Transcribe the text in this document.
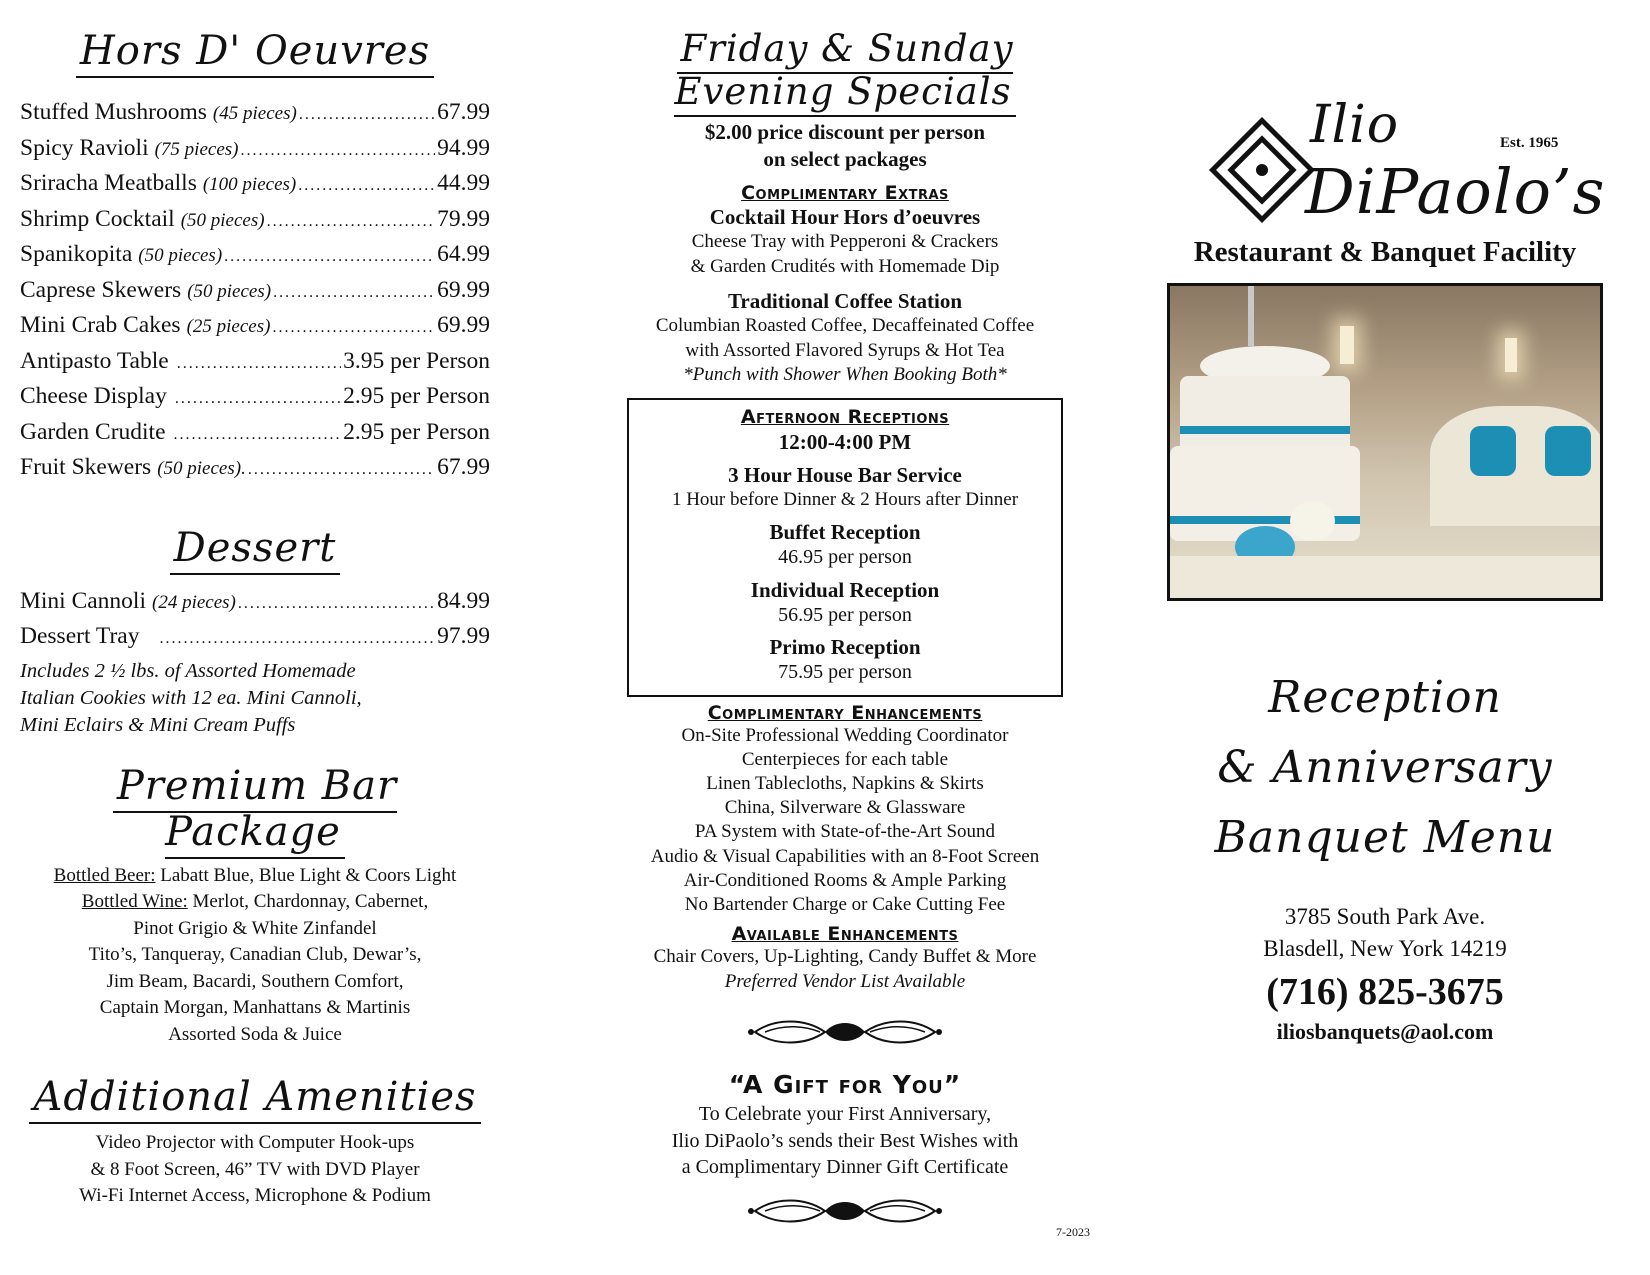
Hors D' Oeuvres
Stuffed Mushrooms (45 pieces) .....	67.99
Spicy Ravioli (75 pieces) .....	94.99
Sriracha Meatballs (100 pieces) .....	44.99
Shrimp Cocktail (50 pieces) .....	79.99
Spanikopita (50 pieces) .....	64.99
Caprese Skewers (50 pieces) .....	69.99
Mini Crab Cakes (25 pieces) .....	69.99
Antipasto Table .....	3.95 per Person
Cheese Display .....	2.95 per Person
Garden Crudite .....	2.95 per Person
Fruit Skewers (50 pieces). .....	67.99
Dessert
Mini Cannoli (24 pieces) .....	84.99
Dessert Tray .....	97.99
Includes 2 ½ lbs. of Assorted Homemade
Italian Cookies with 12 ea. Mini Cannoli,
Mini Eclairs & Mini Cream Puffs
Premium Bar Package
Bottled Beer: Labatt Blue, Blue Light & Coors Light
Bottled Wine: Merlot, Chardonnay, Cabernet,
Pinot Grigio & White Zinfandel
Tito’s, Tanqueray, Canadian Club, Dewar’s,
Jim Beam, Bacardi, Southern Comfort,
Captain Morgan, Manhattans & Martinis
Assorted Soda & Juice
Additional Amenities
Video Projector with Computer Hook-ups
& 8 Foot Screen, 46” TV with DVD Player
Wi-Fi Internet Access, Microphone & Podium
Friday & Sunday Evening Specials
$2.00 price discount per person
on select packages
Complimentary Extras
Cocktail Hour Hors d’oeuvres
Cheese Tray with Pepperoni & Crackers
& Garden Crudités with Homemade Dip
Traditional Coffee Station
Columbian Roasted Coffee, Decaffeinated Coffee
with Assorted Flavored Syrups & Hot Tea
*Punch with Shower When Booking Both*
Afternoon Receptions
12:00-4:00 PM
3 Hour House Bar Service
1 Hour before Dinner & 2 Hours after Dinner
Buffet Reception
46.95 per person
Individual Reception
56.95 per person
Primo Reception
75.95 per person
Complimentary Enhancements
On-Site Professional Wedding Coordinator
Centerpieces for each table
Linen Tablecloths, Napkins & Skirts
China, Silverware & Glassware
PA System with State-of-the-Art Sound
Audio & Visual Capabilities with an 8-Foot Screen
Air-Conditioned Rooms & Ample Parking
No Bartender Charge or Cake Cutting Fee
Available Enhancements
Chair Covers, Up-Lighting, Candy Buffet & More
Preferred Vendor List Available
“A Gift for You”
To Celebrate your First Anniversary,
Ilio DiPaolo’s sends their Best Wishes with
a Complimentary Dinner Gift Certificate
7-2023
Ilio
DiPaolo’s
Est. 1965
Restaurant & Banquet Facility
Reception
& Anniversary
Banquet Menu
3785 South Park Ave.
Blasdell, New York 14219
(716) 825-3675
iliosbanquets@aol.com
